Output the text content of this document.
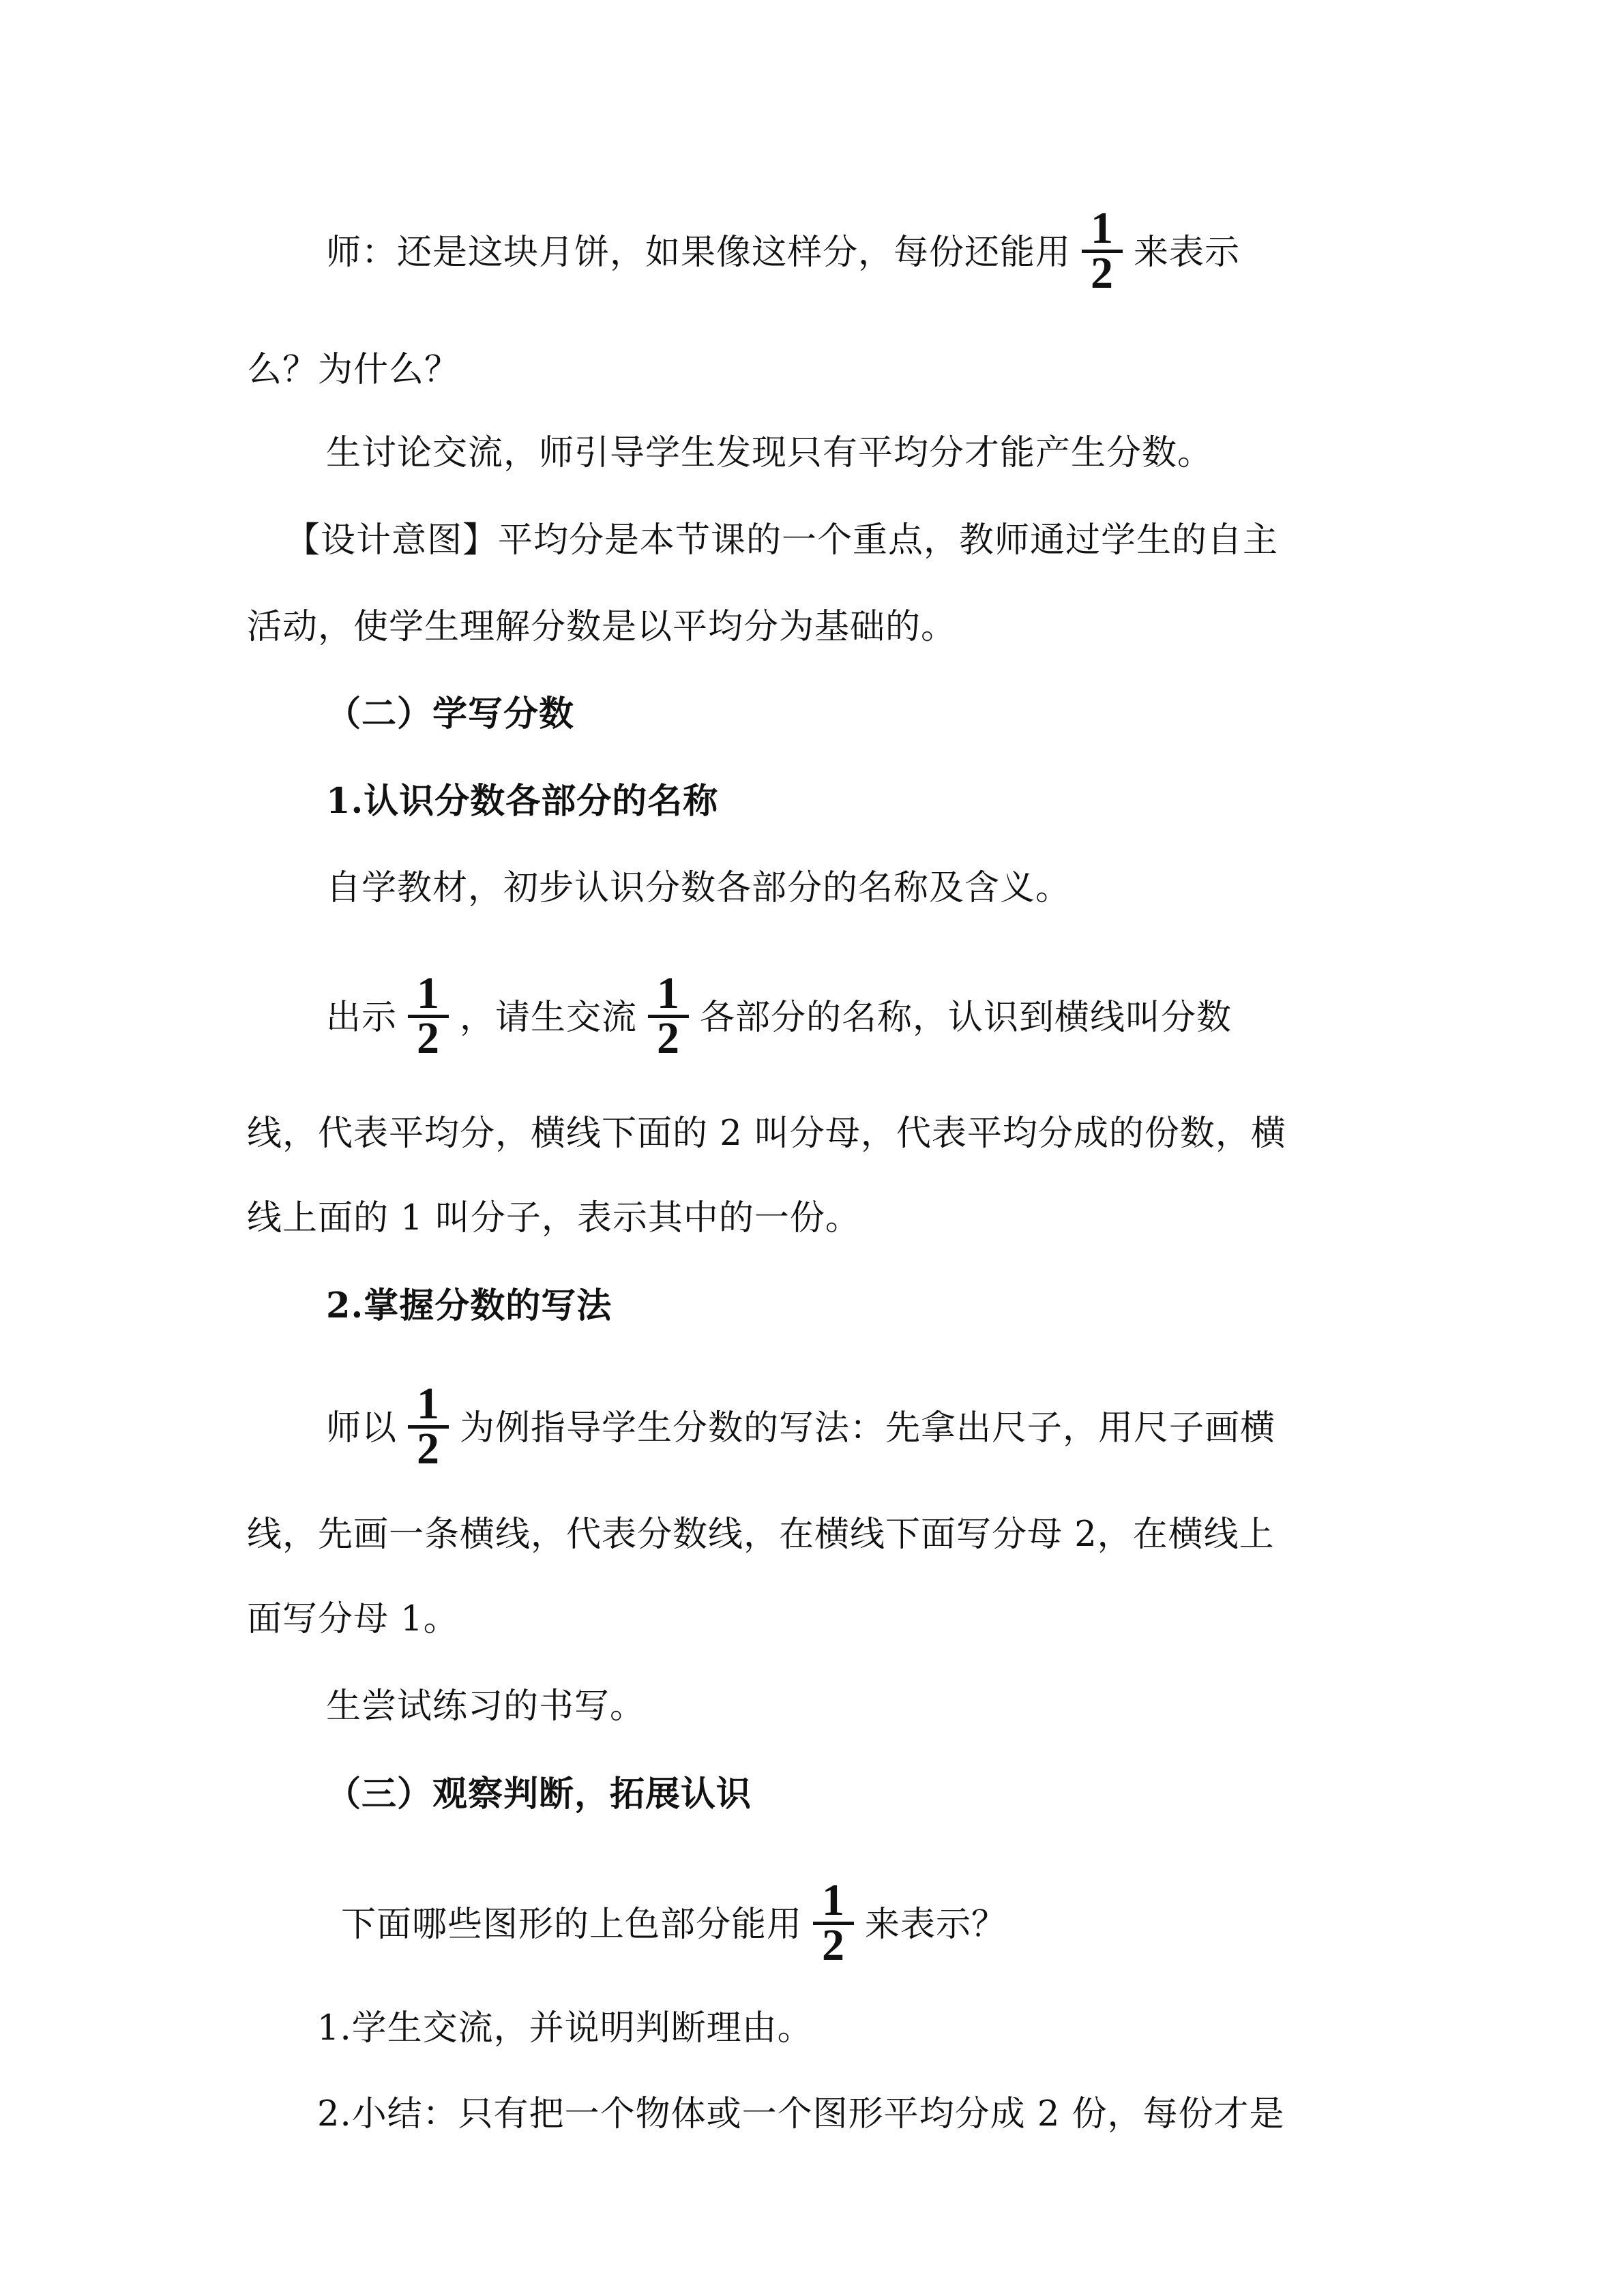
师：还是这块月饼，如果像这样分，每份还能用 1
2 来表示
么？为什么？
生讨论交流，师引导学生发现只有平均分才能产生分数。
【设计意图】平均分是本节课的一个重点，教师通过学生的自主
活动，使学生理解分数是以平均分为基础的。
（二）学写分数
1.认识分数各部分的名称
自学教材，初步认识分数各部分的名称及含义。
出示 1
2 ，请生交流 1
2 各部分的名称，认识到横线叫分数
线，代表平均分，横线下面的 2 叫分母，代表平均分成的份数，横
线上面的 1 叫分子，表示其中的一份。
2.掌握分数的写法
师以 1
2 为例指导学生分数的写法：先拿出尺子，用尺子画横
线，先画一条横线，代表分数线，在横线下面写分母 2，在横线上
面写分母 1。
生尝试练习的书写。
（三）观察判断，拓展认识
下面哪些图形的上色部分能用 1
2 来表示？
1.学生交流，并说明判断理由。
2.小结：只有把一个物体或一个图形平均分成 2 份，每份才是
